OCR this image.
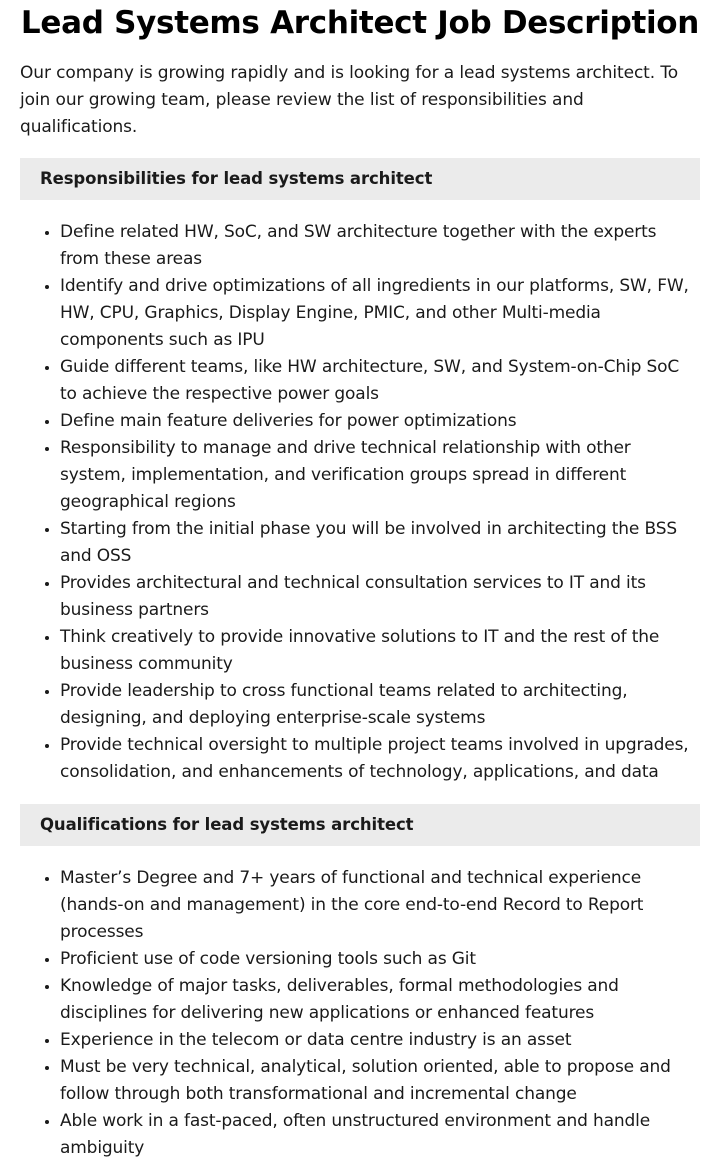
Lead Systems Architect Job Description

Our company is growing rapidly and is looking for a lead systems architect. To join our growing team, please review the list of responsibilities and qualifications.

Responsibilities for lead systems architect
• Define related HW, SoC, and SW architecture together with the experts from these areas
• Identify and drive optimizations of all ingredients in our platforms, SW, FW, HW, CPU, Graphics, Display Engine, PMIC, and other Multi-media components such as IPU
• Guide different teams, like HW architecture, SW, and System-on-Chip SoC to achieve the respective power goals
• Define main feature deliveries for power optimizations
• Responsibility to manage and drive technical relationship with other system, implementation, and verification groups spread in different geographical regions
• Starting from the initial phase you will be involved in architecting the BSS and OSS
• Provides architectural and technical consultation services to IT and its business partners
• Think creatively to provide innovative solutions to IT and the rest of the business community
• Provide leadership to cross functional teams related to architecting, designing, and deploying enterprise-scale systems
• Provide technical oversight to multiple project teams involved in upgrades, consolidation, and enhancements of technology, applications, and data
Qualifications for lead systems architect
• Master’s Degree and 7+ years of functional and technical experience (hands-on and management) in the core end-to-end Record to Report processes
• Proficient use of code versioning tools such as Git
• Knowledge of major tasks, deliverables, formal methodologies and disciplines for delivering new applications or enhanced features
• Experience in the telecom or data centre industry is an asset
• Must be very technical, analytical, solution oriented, able to propose and follow through both transformational and incremental change
• Able work in a fast-paced, often unstructured environment and handle ambiguity
